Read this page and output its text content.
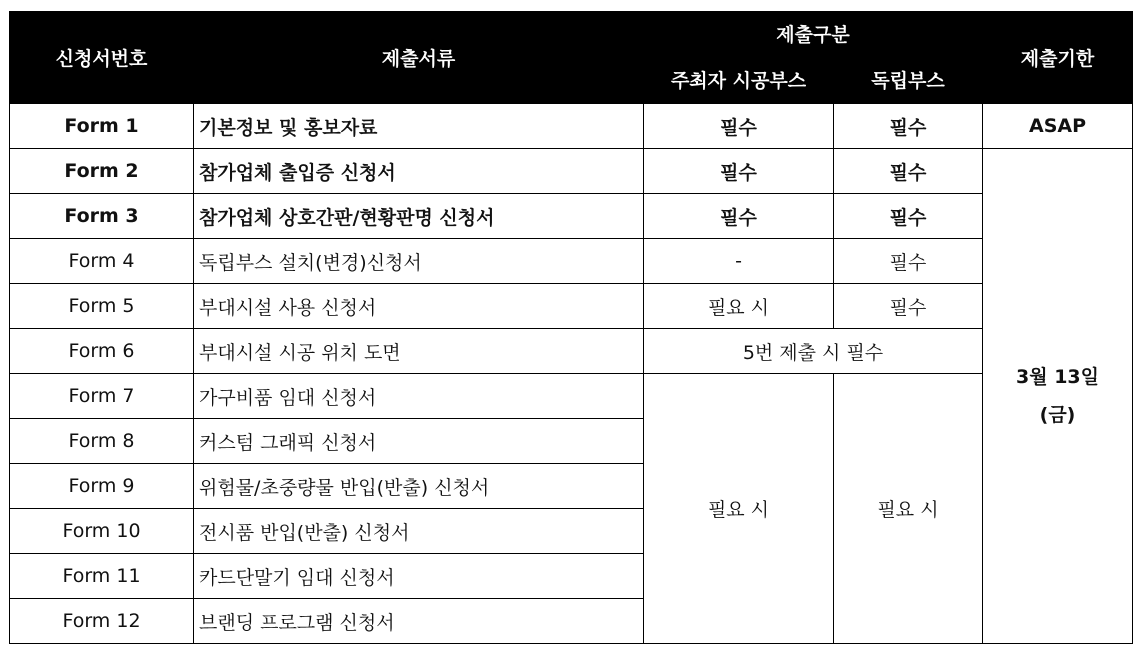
신청서번호	제출서류	제출구분		제출기한
		주최자 시공부스	독립부스	
Form 1	기본정보 및 홍보자료	필수	필수	ASAP
Form 2	참가업체 출입증 신청서	필수	필수	3월 13일
(금)

Form 3	참가업체 상호간판/현황판명 신청서	필수	필수	
Form 4	독립부스 설치(변경)신청서	-	필수	
Form 5	부대시설 사용 신청서	필요 시	필수	
Form 6	부대시설 시공 위치 도면	5번 제출 시 필수		
Form 7	가구비품 임대 신청서	필요 시	필요 시	
Form 8	커스텀 그래픽 신청서			
Form 9	위험물/초중량물 반입(반출) 신청서			
Form 10	전시품 반입(반출) 신청서			
Form 11	카드단말기 임대 신청서			
Form 12	브랜딩 프로그램 신청서			
